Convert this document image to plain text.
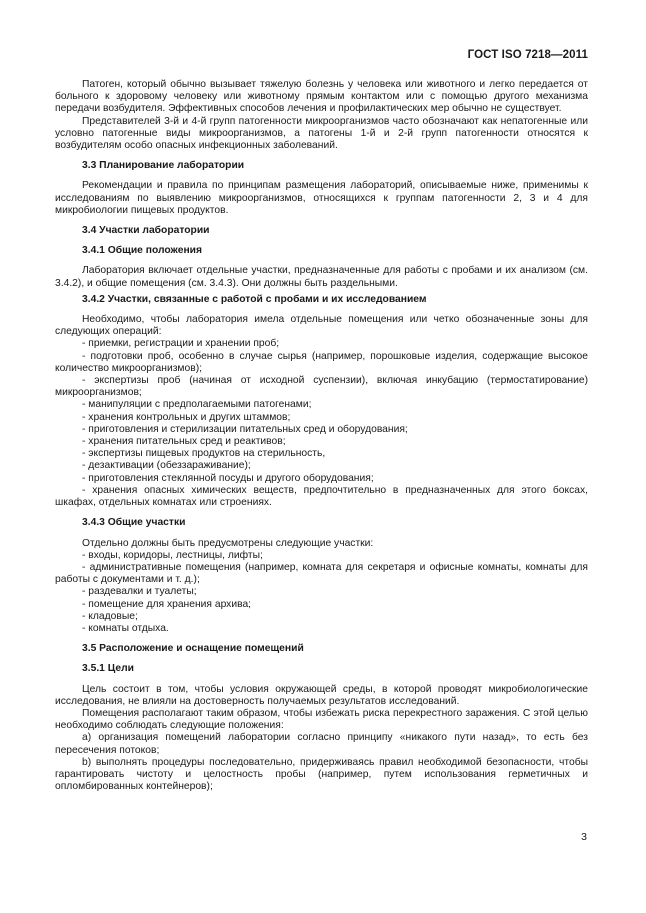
ГОСТ ISO 7218—2011

Патоген, который обычно вызывает тяжелую болезнь у человека или животного и легко передается от больного к здоровому человеку или животному прямым контактом или с помощью другого механизма передачи возбудителя. Эффективных способов лечения и профилактических мер обычно не существует.

Представителей 3-й и 4-й групп патогенности микроорганизмов часто обозначают как непатогенные или условно патогенные виды микроорганизмов, а патогены 1-й и 2-й групп патогенности относятся к возбудителям особо опасных инфекционных заболеваний.

3.3 Планирование лаборатории

Рекомендации и правила по принципам размещения лабораторий, описываемые ниже, применимы к исследованиям по выявлению микроорганизмов, относящихся к группам патогенности 2, 3 и 4 для микробиологии пищевых продуктов.

3.4 Участки лаборатории

3.4.1 Общие положения

Лаборатория включает отдельные участки, предназначенные для работы с пробами и их анализом (см. 3.4.2), и общие помещения (см. 3.4.3). Они должны быть раздельными.

3.4.2 Участки, связанные с работой с пробами и их исследованием

Необходимо, чтобы лаборатория имела отдельные помещения или четко обозначенные зоны для следующих операций:

- приемки, регистрации и хранении проб;

- подготовки проб, особенно в случае сырья (например, порошковые изделия, содержащие высокое количество микроорганизмов);

- экспертизы проб (начиная от исходной суспензии), включая инкубацию (термостатирование) микроорганизмов;

- манипуляции с предполагаемыми патогенами;

- хранения контрольных и других штаммов;

- приготовления и стерилизации питательных сред и оборудования;

- хранения питательных сред и реактивов;

- экспертизы пищевых продуктов на стерильность,

- дезактивации (обеззараживание);

- приготовления стеклянной посуды и другого оборудования;

- хранения опасных химических веществ, предпочтительно в предназначенных для этого боксах, шкафах, отдельных комнатах или строениях.

3.4.3 Общие участки

Отдельно должны быть предусмотрены следующие участки:

- входы, коридоры, лестницы, лифты;

- административные помещения (например, комната для секретаря и офисные комнаты, комнаты для работы с документами и т. д.);

- раздевалки и туалеты;

- помещение для хранения архива;

- кладовые;

- комнаты отдыха.

3.5 Расположение и оснащение помещений

3.5.1 Цели

Цель состоит в том, чтобы условия окружающей среды, в которой проводят микробиологические исследования, не влияли на достоверность получаемых результатов исследований.

Помещения располагают таким образом, чтобы избежать риска перекрестного заражения. С этой целью необходимо соблюдать следующие положения:

а) организация помещений лаборатории согласно принципу «никакого пути назад», то есть без пересечения потоков;

b) выполнять процедуры последовательно, придерживаясь правил необходимой безопасности, чтобы гарантировать чистоту и целостность пробы (например, путем использования герметичных и опломбированных контейнеров);

3
